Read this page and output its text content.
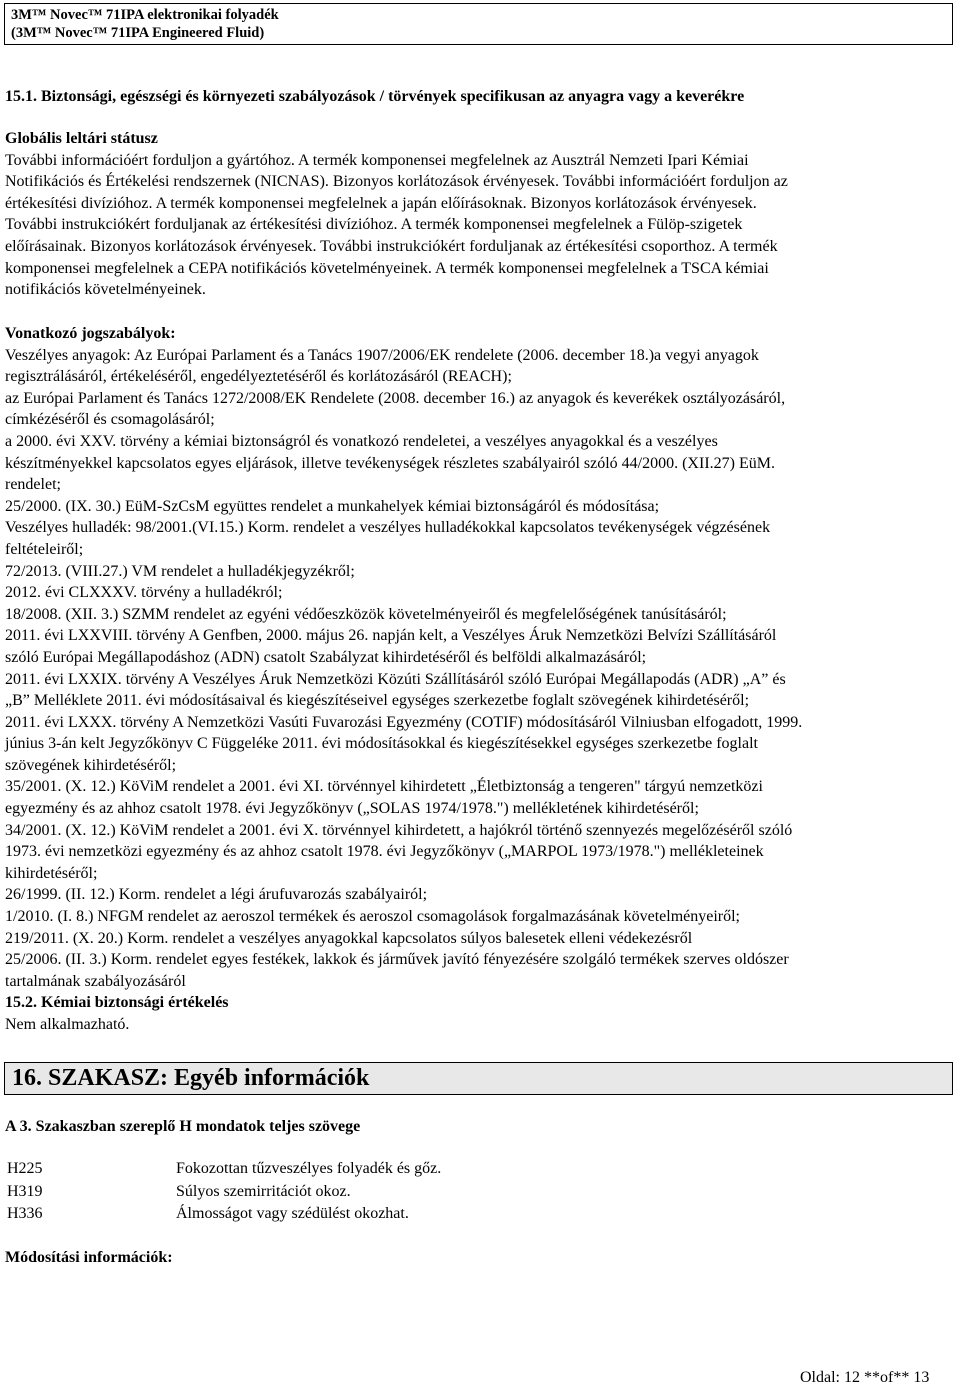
3M™ Novec™ 71IPA elektronikai folyadék
(3M™ Novec™ 71IPA Engineered Fluid)
15.1. Biztonsági, egészségi és környezeti szabályozások / törvények specifikusan az anyagra vagy a keverékre
Globális leltári státusz
További információért forduljon a gyártóhoz. A termék komponensei megfelelnek az Ausztrál Nemzeti Ipari Kémiai
Notifikációs és Értékelési rendszernek (NICNAS). Bizonyos korlátozások érvényesek. További információért forduljon az
értékesítési divízióhoz. A termék komponensei megfelelnek a japán előírásoknak. Bizonyos korlátozások érvényesek.
További instrukciókért forduljanak az értékesítési divízióhoz. A termék komponensei megfelelnek a Fülöp-szigetek
előírásainak. Bizonyos korlátozások érvényesek. További instrukciókért forduljanak az értékesítési csoporthoz. A termék
komponensei megfelelnek a CEPA notifikációs követelményeinek. A termék komponensei megfelelnek a TSCA kémiai
notifikációs követelményeinek.
Vonatkozó jogszabályok:
Veszélyes anyagok: Az Európai Parlament és a Tanács 1907/2006/EK rendelete (2006. december 18.)a vegyi anyagok
regisztrálásáról, értékeléséről, engedélyeztetéséről és korlátozásáról (REACH);
az Európai Parlament és Tanács 1272/2008/EK Rendelete (2008. december 16.) az anyagok és keverékek osztályozásáról,
címkézéséről és csomagolásáról;
a 2000. évi XXV. törvény a kémiai biztonságról és vonatkozó rendeletei, a veszélyes anyagokkal és a veszélyes
készítményekkel kapcsolatos egyes eljárások, illetve tevékenységek részletes szabályairól szóló 44/2000. (XII.27) EüM.
rendelet;
25/2000. (IX. 30.) EüM-SzCsM együttes rendelet a munkahelyek kémiai biztonságáról és módosítása;
Veszélyes hulladék: 98/2001.(VI.15.) Korm. rendelet a veszélyes hulladékokkal kapcsolatos tevékenységek végzésének
feltételeiről;
72/2013. (VIII.27.) VM rendelet a hulladékjegyzékről;
2012. évi CLXXXV. törvény a hulladékról;
18/2008. (XII. 3.) SZMM rendelet az egyéni védőeszközök követelményeiről és megfelelőségének tanúsításáról;
2011. évi LXXVIII. törvény A Genfben, 2000. május 26. napján kelt, a Veszélyes Áruk Nemzetközi Belvízi Szállításáról
szóló Európai Megállapodáshoz (ADN) csatolt Szabályzat kihirdetéséről és belföldi alkalmazásáról;
2011. évi LXXIX. törvény A Veszélyes Áruk Nemzetközi Közúti Szállításáról szóló Európai Megállapodás (ADR) „A” és
„B” Melléklete 2011. évi módosításaival és kiegészítéseivel egységes szerkezetbe foglalt szövegének kihirdetéséről;
2011. évi LXXX. törvény A Nemzetközi Vasúti Fuvarozási Egyezmény (COTIF) módosításáról Vilniusban elfogadott, 1999.
június 3-án kelt Jegyzőkönyv C Függeléke 2011. évi módosításokkal és kiegészítésekkel egységes szerkezetbe foglalt
szövegének kihirdetéséről;
35/2001. (X. 12.) KöViM rendelet a 2001. évi XI. törvénnyel kihirdetett „Életbiztonság a tengeren" tárgyú nemzetközi
egyezmény és az ahhoz csatolt 1978. évi Jegyzőkönyv („SOLAS 1974/1978.") mellékletének kihirdetéséről;
34/2001. (X. 12.) KöViM rendelet a 2001. évi X. törvénnyel kihirdetett, a hajókról történő szennyezés megelőzéséről szóló
1973. évi nemzetközi egyezmény és az ahhoz csatolt 1978. évi Jegyzőkönyv („MARPOL 1973/1978.") mellékleteinek
kihirdetéséről;
26/1999. (II. 12.) Korm. rendelet a légi árufuvarozás szabályairól;
1/2010. (I. 8.) NFGM rendelet az aeroszol termékek és aeroszol csomagolások forgalmazásának követelményeiről;
219/2011. (X. 20.) Korm. rendelet a veszélyes anyagokkal kapcsolatos súlyos balesetek elleni védekezésről
25/2006. (II. 3.) Korm. rendelet egyes festékek, lakkok és járművek javító fényezésére szolgáló termékek szerves oldószer
tartalmának szabályozásáról
15.2. Kémiai biztonsági értékelés
Nem alkalmazható.
16. SZAKASZ: Egyéb információk
A 3. Szakaszban szereplő H mondatok teljes szövege
H225	Fokozottan tűzveszélyes folyadék és gőz.
H319	Súlyos szemirritációt okoz.
H336	Álmosságot vagy szédülést okozhat.
Módosítási információk:
Oldal: 12 **of** 13
